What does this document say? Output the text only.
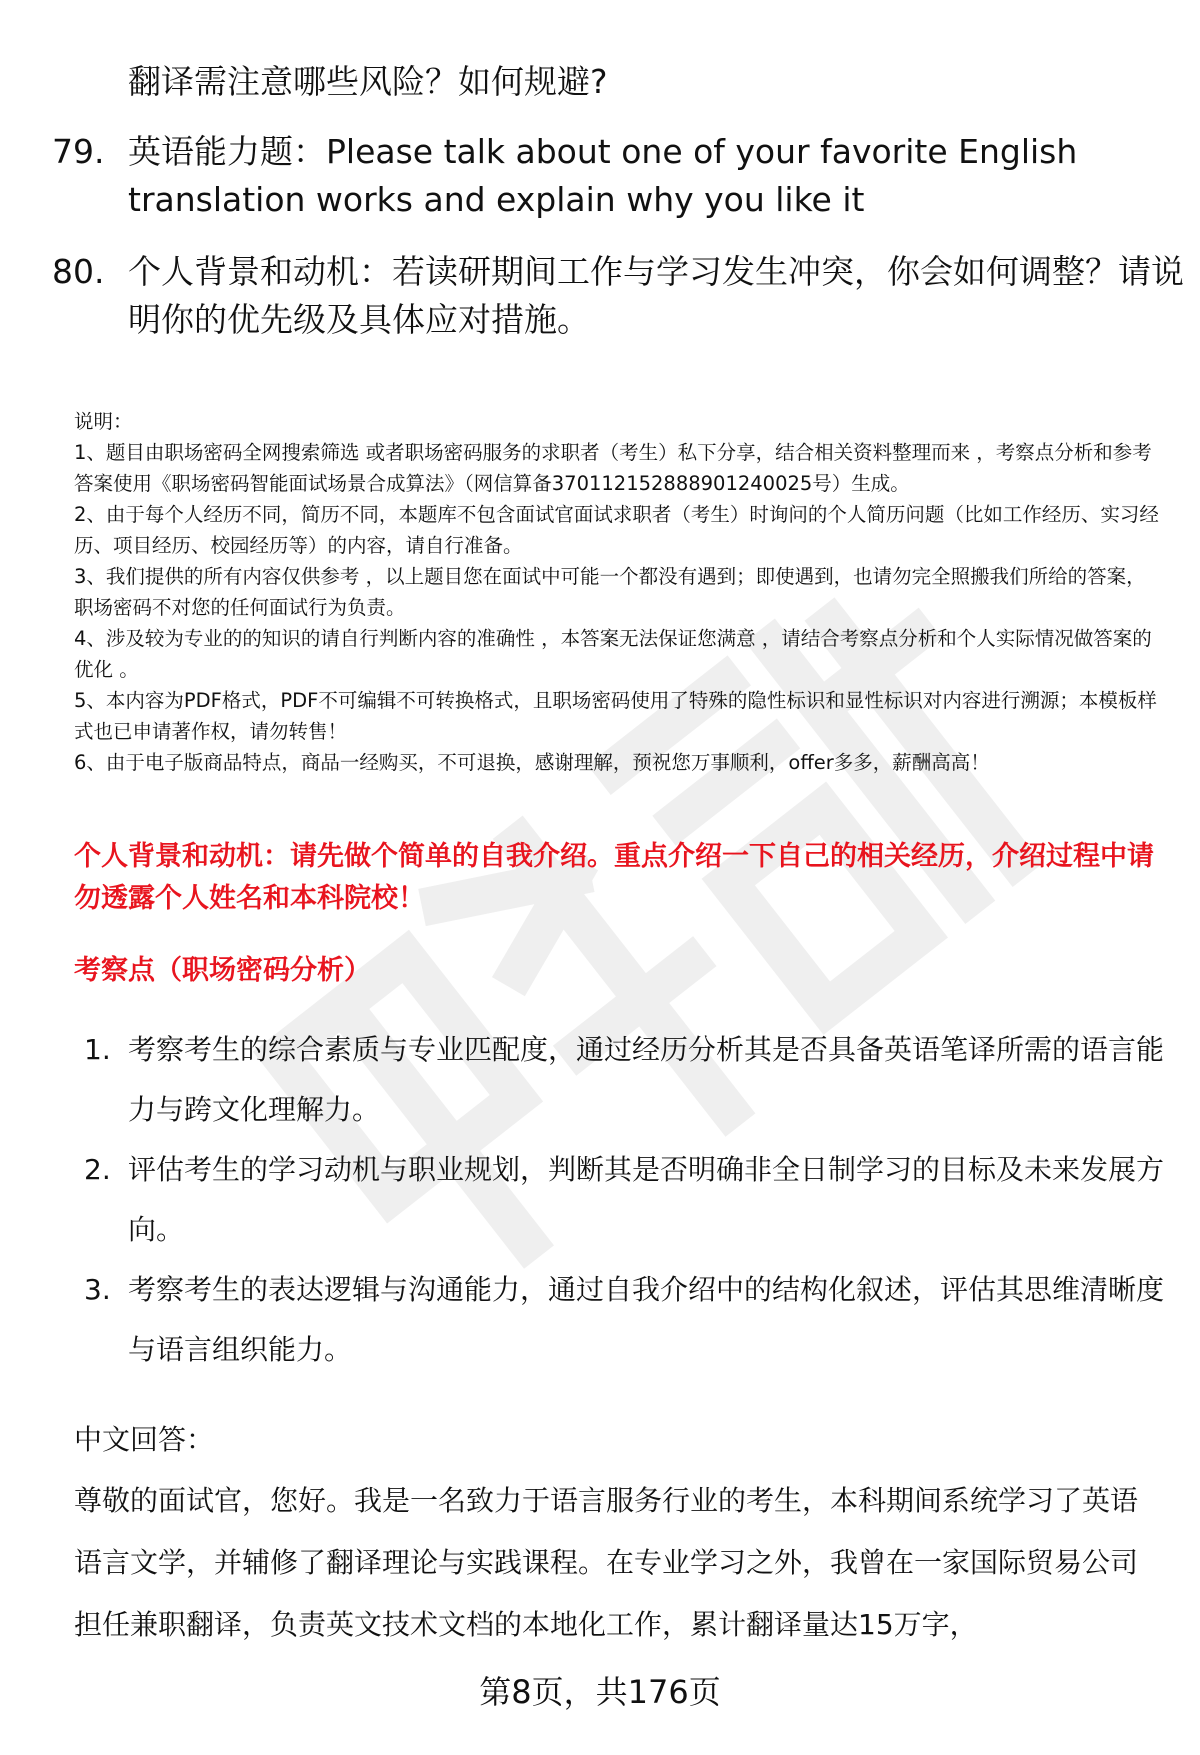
翻译需注意哪些风险？如何规避?
79. 英语能力题：Please talk about one of your favorite English translation works and explain why you like it
80. 个人背景和动机：若读研期间工作与学习发生冲突，你会如何调整？请说明你的优先级及具体应对措施。

说明：

1、题目由职场密码全网搜索筛选 或者职场密码服务的求职者（考生）私下分享，结合相关资料整理而来 ，考察点分析和参考答案使用《职场密码智能面试场景合成算法》（网信算备370112152888901240025号）生成。

2、由于每个人经历不同，简历不同，本题库不包含面试官面试求职者（考生）时询问的个人简历问题（比如工作经历、实习经历、项目经历、校园经历等）的内容，请自行准备。

3、我们提供的所有内容仅供参考 ，以上题目您在面试中可能一个都没有遇到；即使遇到，也请勿完全照搬我们所给的答案，职场密码不对您的任何面试行为负责。

4、涉及较为专业的的知识的请自行判断内容的准确性 ，本答案无法保证您满意 ，请结合考察点分析和个人实际情况做答案的优化 。

5、本内容为PDF格式，PDF不可编辑不可转换格式，且职场密码使用了特殊的隐性标识和显性标识对内容进行溯源；本模板样式也已申请著作权，请勿转售！

6、由于电子版商品特点，商品一经购买，不可退换，感谢理解，预祝您万事顺利，offer多多，薪酬高高！

个人背景和动机：请先做个简单的自我介绍。重点介绍一下自己的相关经历，介绍过程中请勿透露个人姓名和本科院校！
考察点（职场密码分析）
1. 考察考生的综合素质与专业匹配度，通过经历分析其是否具备英语笔译所需的语言能力与跨文化理解力。
2. 评估考生的学习动机与职业规划，判断其是否明确非全日制学习的目标及未来发展方向。
3. 考察考生的表达逻辑与沟通能力，通过自我介绍中的结构化叙述，评估其思维清晰度与语言组织能力。
中文回答：
尊敬的面试官，您好。我是一名致力于语言服务行业的考生，本科期间系统学习了英语语言文学，并辅修了翻译理论与实践课程。在专业学习之外，我曾在一家国际贸易公司担任兼职翻译，负责英文技术文档的本地化工作，累计翻译量达15万字，
第8页，共176页
